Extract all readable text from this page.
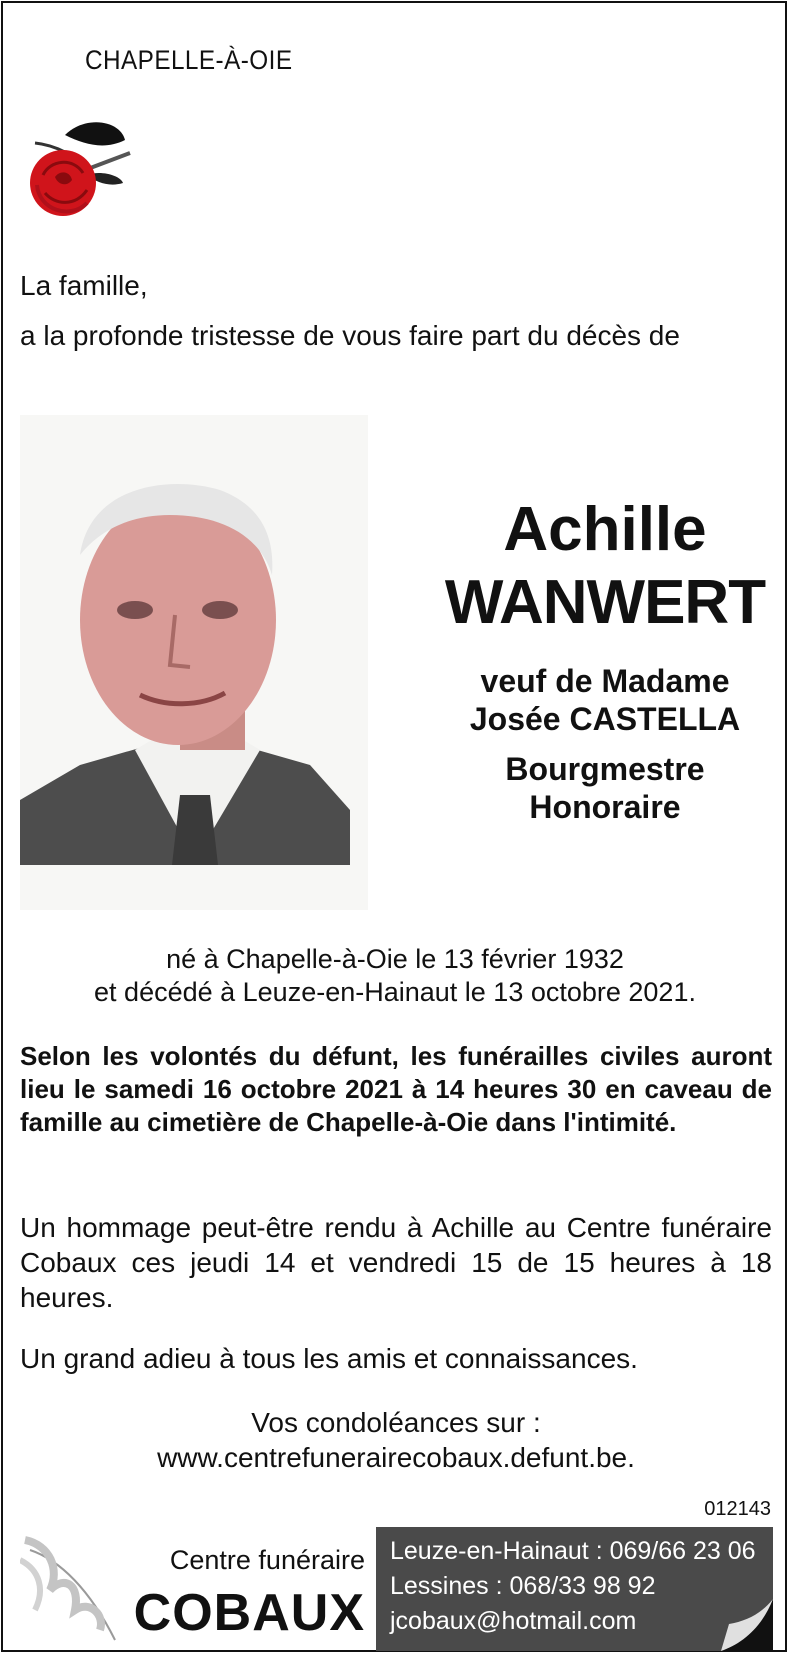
CHAPELLE-À-OIE
La famille,
a la profonde tristesse de vous faire part du décès de
Achille
WANWERT
veuf de Madame
Josée CASTELLA
Bourgmestre
Honoraire
né à Chapelle-à-Oie le 13 février 1932
et décédé à Leuze-en-Hainaut le 13 octobre 2021.
Selon les volontés du défunt, les funérailles civiles auront lieu le samedi 16 octobre 2021 à 14 heures 30 en caveau de famille au cimetière de Chapelle-à-Oie dans l'intimité.
Un hommage peut-être rendu à Achille au Centre funéraire Cobaux ces jeudi 14 et vendredi 15 de 15 heures à 18 heures.
Un grand adieu à tous les amis et connaissances.
Vos condoléances sur :
www.centrefunerairecobaux.defunt.be.
012143
Centre funéraire
COBAUX
Leuze-en-Hainaut : 069/66 23 06
Lessines : 068/33 98 92
jcobaux@hotmail.com
